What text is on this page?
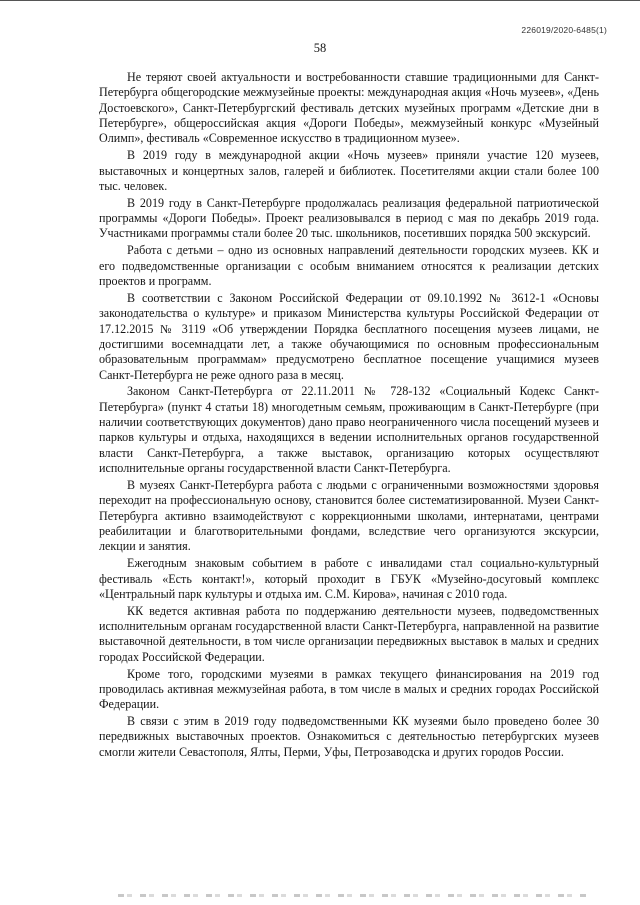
226019/2020-6485(1)
58

Не теряют своей актуальности и востребованности ставшие традиционными для Санкт-Петербурга общегородские межмузейные проекты: международная акция «Ночь музеев», «День Достоевского», Санкт-Петербургский фестиваль детских музейных программ «Детские дни в Петербурге», общероссийская акция «Дороги Победы», межмузейный конкурс «Музейный Олимп», фестиваль «Современное искусство в традиционном музее».

В 2019 году в международной акции «Ночь музеев» приняли участие 120 музеев, выставочных и концертных залов, галерей и библиотек. Посетителями акции стали более 100 тыс. человек.

В 2019 году в Санкт-Петербурге продолжалась реализация федеральной патриотической программы «Дороги Победы». Проект реализовывался в период с мая по декабрь 2019 года. Участниками программы стали более 20 тыс. школьников, посетивших порядка 500 экскурсий.

Работа с детьми – одно из основных направлений деятельности городских музеев. КК и его подведомственные организации с особым вниманием относятся к реализации детских проектов и программ.

В соответствии с Законом Российской Федерации от 09.10.1992 № 3612-1 «Основы законодательства о культуре» и приказом Министерства культуры Российской Федерации от 17.12.2015 № 3119 «Об утверждении Порядка бесплатного посещения музеев лицами, не достигшими восемнадцати лет, а также обучающимися по основным профессиональным образовательным программам» предусмотрено бесплатное посещение учащимися музеев Санкт-Петербурга не реже одного раза в месяц.

Законом Санкт-Петербурга от 22.11.2011 № 728-132 «Социальный Кодекс Санкт-Петербурга» (пункт 4 статьи 18) многодетным семьям, проживающим в Санкт-Петербурге (при наличии соответствующих документов) дано право неограниченного числа посещений музеев и парков культуры и отдыха, находящихся в ведении исполнительных органов государственной власти Санкт-Петербурга, а также выставок, организацию которых осуществляют исполнительные органы государственной власти Санкт-Петербурга.

В музеях Санкт-Петербурга работа с людьми с ограниченными возможностями здоровья переходит на профессиональную основу, становится более систематизированной. Музеи Санкт-Петербурга активно взаимодействуют с коррекционными школами, интернатами, центрами реабилитации и благотворительными фондами, вследствие чего организуются экскурсии, лекции и занятия.

Ежегодным знаковым событием в работе с инвалидами стал социально-культурный фестиваль «Есть контакт!», который проходит в ГБУК «Музейно-досуговый комплекс «Центральный парк культуры и отдыха им. С.М. Кирова», начиная с 2010 года.

КК ведется активная работа по поддержанию деятельности музеев, подведомственных исполнительным органам государственной власти Санкт-Петербурга, направленной на развитие выставочной деятельности, в том числе организации передвижных выставок в малых и средних городах Российской Федерации.

Кроме того, городскими музеями в рамках текущего финансирования на 2019 год проводилась активная межмузейная работа, в том числе в малых и средних городах Российской Федерации.

В связи с этим в 2019 году подведомственными КК музеями было проведено более 30 передвижных выставочных проектов. Ознакомиться с деятельностью петербургских музеев смогли жители Севастополя, Ялты, Перми, Уфы, Петрозаводска и других городов России.
